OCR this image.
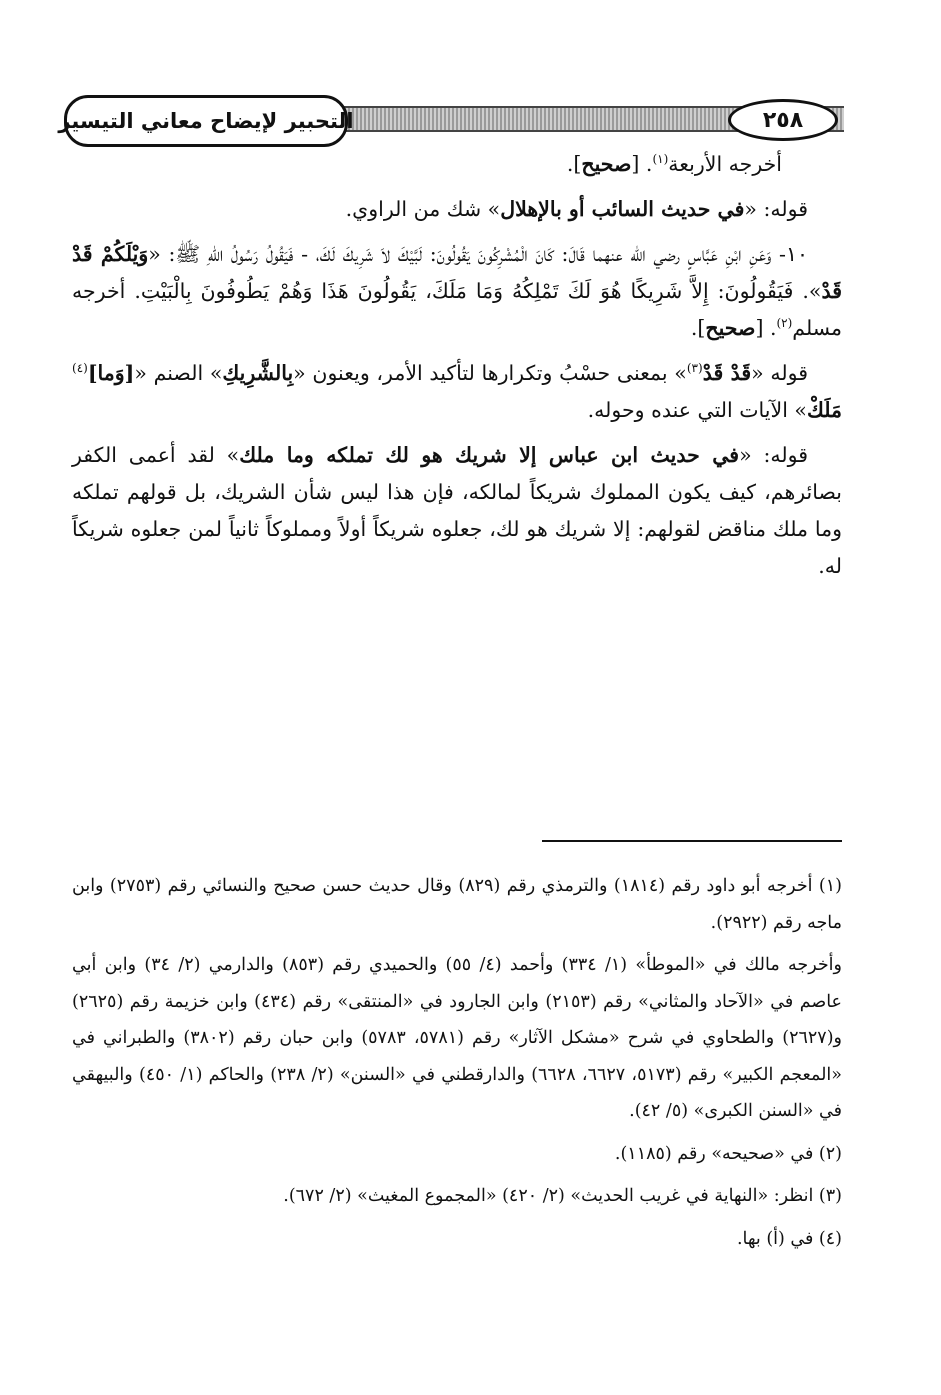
التحبير لإيضاح معاني التيسير	٢٥٨

أخرجه الأربعة$^{(١)}$. [صحيح].

قوله: «في حديث السائب أو بالإهلال» شك من الراوي.

١٠- وَعَنِ ابْنِ عَبَّاسٍ رضي الله عنهما قَالَ: كَانَ الْمُشْرِكُونَ يَقُولُونَ: لَبَّيْكَ لاَ شَرِيكَ لَكَ، - فَيَقُولُ رَسُولُ اللهِ ﷺ: «وَيْلَكُمْ قَدْ قَدْ». فَيَقُولُونَ: إِلاَّ شَرِيكًا هُوَ لَكَ تَمْلِكُهُ وَمَا مَلَكَ، يَقُولُونَ هَذَا وَهُمْ يَطُوفُونَ بِالْبَيْتِ. أخرجه مسلم$^{(٢)}$. [صحيح].

قوله «قَدْ قَدْ$^{(٣)}$» بمعنى حسْبُ وتكرارها لتأكيد الأمر، ويعنون «بِالشَّرِيكِ» الصنم «[وَما]$^{(٤)}$ مَلَكْ» الآيات التي عنده وحوله.

قوله: «في حديث ابن عباس إلا شريك هو لك تملكه وما ملك» لقد أعمى الكفر بصائرهم، كيف يكون المملوك شريكاً لمالكه، فإن هذا ليس شأن الشريك، بل قولهم تملكه وما ملك مناقض لقولهم: إلا شريك هو لك، جعلوه شريكاً أولاً ومملوكاً ثانياً لمن جعلوه شريكاً له.

(١) أخرجه أبو داود رقم (١٨١٤) والترمذي رقم (٨٢٩) وقال حديث حسن صحيح والنسائي رقم (٢٧٥٣) وابن ماجه رقم (٢٩٢٢).

وأخرجه مالك في «الموطأ» (١/ ٣٣٤) وأحمد (٤/ ٥٥) والحميدي رقم (٨٥٣) والدارمي (٢/ ٣٤) وابن أبي عاصم في «الآحاد والمثاني» رقم (٢١٥٣) وابن الجارود في «المنتقى» رقم (٤٣٤) وابن خزيمة رقم (٢٦٢٥) و(٢٦٢٧) والطحاوي في شرح «مشكل الآثار» رقم (٥٧٨١، ٥٧٨٣) وابن حبان رقم (٣٨٠٢) والطبراني في «المعجم الكبير» رقم (٥١٧٣، ٦٦٢٧، ٦٦٢٨) والدارقطني في «السنن» (٢/ ٢٣٨) والحاكم (١/ ٤٥٠) والبيهقي في «السنن الكبرى» (٥/ ٤٢).

(٢) في «صحيحه» رقم (١١٨٥).

(٣) انظر: «النهاية في غريب الحديث» (٢/ ٤٢٠) «المجموع المغيث» (٢/ ٦٧٢).

(٤) في (أ) بها.
